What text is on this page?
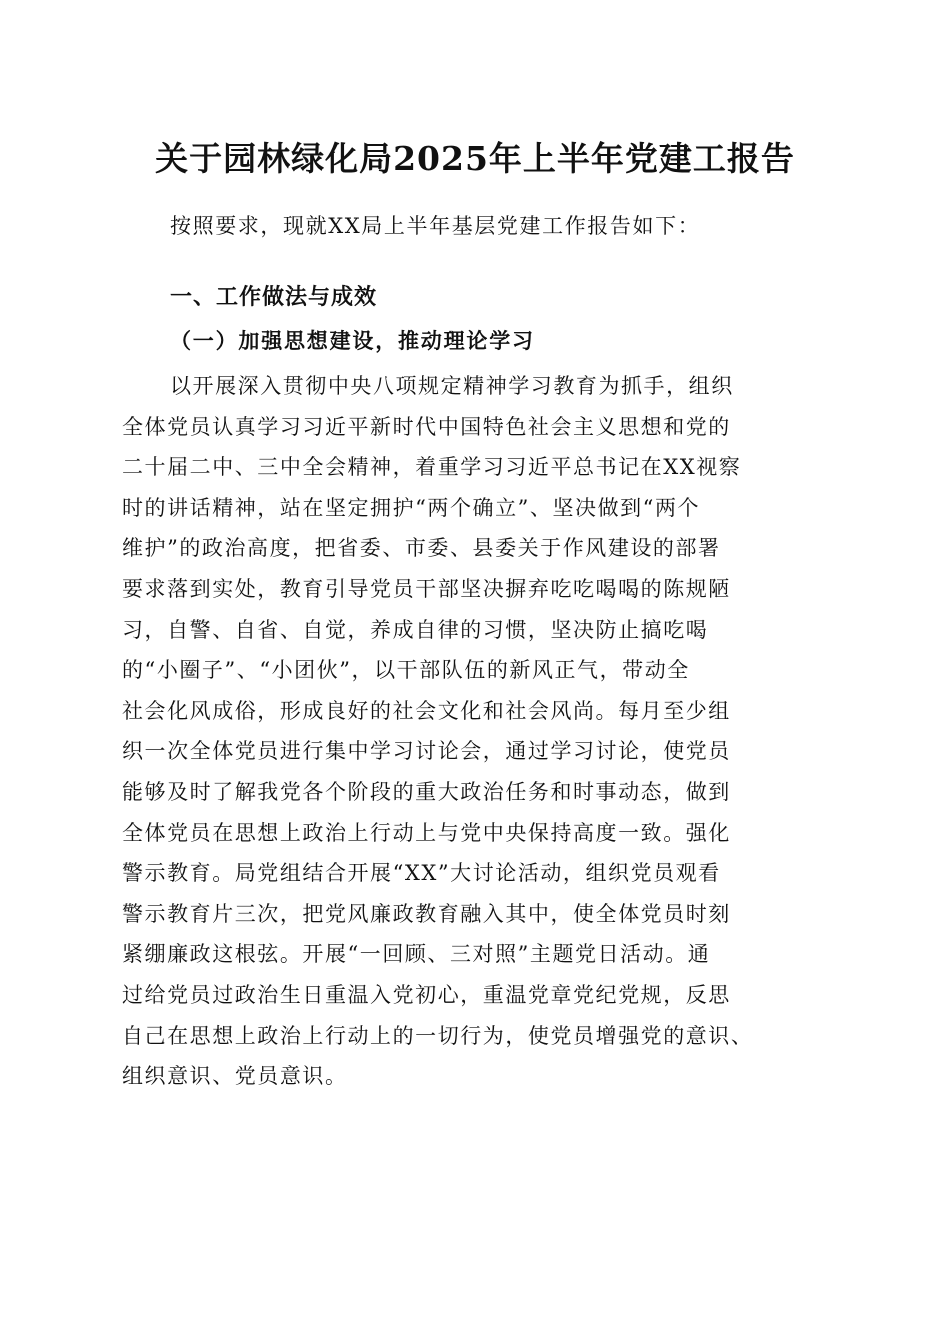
关于园林绿化局2025年上半年党建工报告

按照要求，现就XX局上半年基层党建工作报告如下：

一、工作做法与成效
（一）加强思想建设，推动理论学习
以开展深入贯彻中央八项规定精神学习教育为抓手，组织
全体党员认真学习习近平新时代中国特色社会主义思想和党的
二十届二中、三中全会精神，着重学习习近平总书记在XX视察
时的讲话精神，站在坚定拥护“两个确立”、坚决做到“两个
维护”的政治高度，把省委、市委、县委关于作风建设的部署
要求落到实处，教育引导党员干部坚决摒弃吃吃喝喝的陈规陋
习，自警、自省、自觉，养成自律的习惯，坚决防止搞吃喝
的“小圈子”、“小团伙”，以干部队伍的新风正气，带动全
社会化风成俗，形成良好的社会文化和社会风尚。每月至少组
织一次全体党员进行集中学习讨论会，通过学习讨论，使党员
能够及时了解我党各个阶段的重大政治任务和时事动态，做到
全体党员在思想上政治上行动上与党中央保持高度一致。强化
警示教育。局党组结合开展“XX”大讨论活动，组织党员观看
警示教育片三次，把党风廉政教育融入其中，使全体党员时刻
紧绷廉政这根弦。开展“一回顾、三对照”主题党日活动。通
过给党员过政治生日重温入党初心，重温党章党纪党规，反思
自己在思想上政治上行动上的一切行为，使党员增强党的意识、
组织意识、党员意识。
